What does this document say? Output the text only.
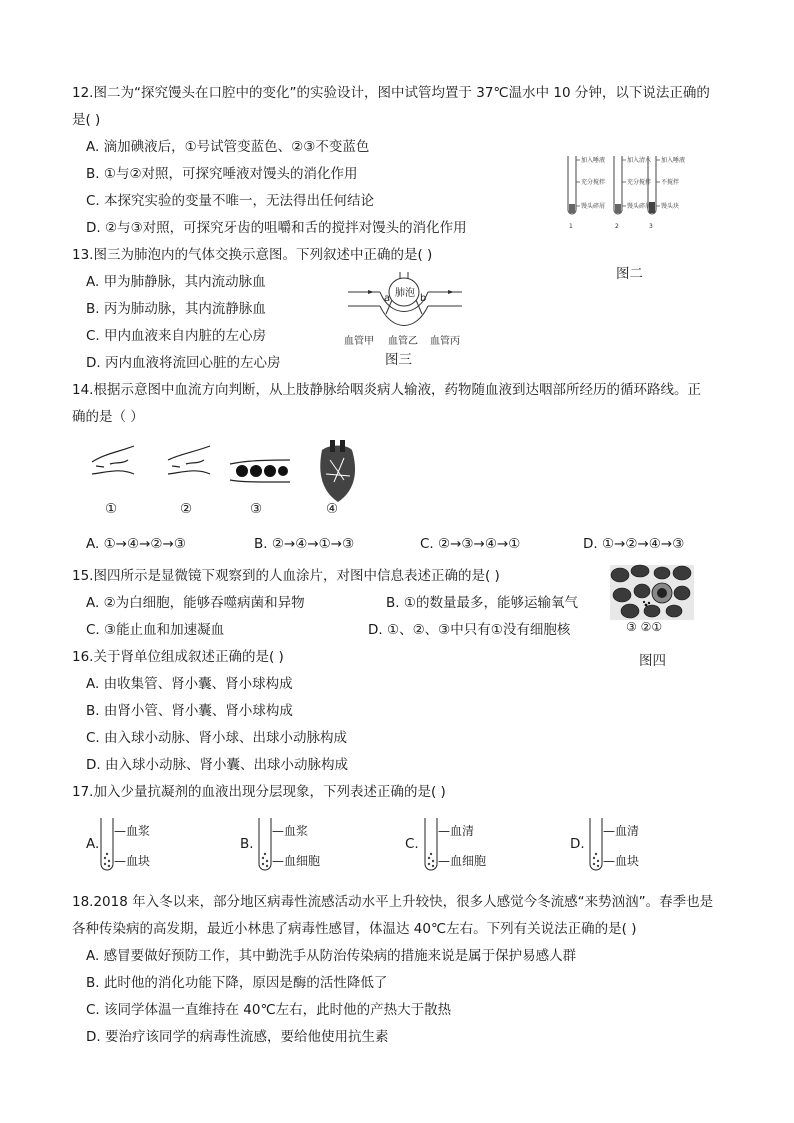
12.图二为“探究馒头在口腔中的变化”的实验设计，图中试管均置于 37℃温水中 10 分钟，以下说法正确的
是( )
A. 滴加碘液后，①号试管变蓝色、②③不变蓝色
B. ①与②对照，可探究唾液对馒头的消化作用
C. 本探究实验的变量不唯一，无法得出任何结论
D. ②与③对照，可探究牙齿的咀嚼和舌的搅拌对馒头的消化作用
加入唾液
充分搅拌
馒头碎屑
加入清水
充分搅拌
馒头碎屑
加入唾液
不搅拌
馒头块
1	2	3
图二
13.图三为肺泡内的气体交换示意图。下列叙述中正确的是( )
A. 甲为肺静脉，其内流动脉血
B. 丙为肺动脉，其内流静脉血
C. 甲内血液来自内脏的左心房
D. 丙内血液将流回心脏的左心房
肺泡
a	b
血管甲 血管乙 血管丙
图三
14.根据示意图中血流方向判断，从上肢静脉给咽炎病人输液，药物随血液到达咽部所经历的循环路线。正
确的是（ ）
①	②	③	④
A. ①→④→②→③	B. ②→④→①→③	C. ②→③→④→①	D. ①→②→④→③
15.图四所示是显微镜下观察到的人血涂片，对图中信息表述正确的是( )
A. ②为白细胞，能够吞噬病菌和异物	B. ①的数量最多，能够运输氧气
C. ③能止血和加速凝血	D. ①、②、③中只有①没有细胞核	③ ②①
图四
16.关于肾单位组成叙述正确的是( )
A. 由收集管、肾小囊、肾小球构成
B. 由肾小管、肾小囊、肾小球构成
C. 由入球小动脉、肾小球、出球小动脉构成
D. 由入球小动脉、肾小囊、出球小动脉构成
17.加入少量抗凝剂的血液出现分层现象，下列表述正确的是( )
A.
—血浆
—血块
B.
—血浆
—血细胞
C.
—血清
—血细胞
D.
—血清
—血块
18.2018 年入冬以来，部分地区病毒性流感活动水平上升较快，很多人感觉今冬流感“来势汹汹”。春季也是
各种传染病的高发期，最近小林患了病毒性感冒，体温达 40℃左右。下列有关说法正确的是( )
A. 感冒要做好预防工作，其中勤洗手从防治传染病的措施来说是属于保护易感人群
B. 此时他的消化功能下降，原因是酶的活性降低了
C. 该同学体温一直维持在 40℃左右，此时他的产热大于散热
D. 要治疗该同学的病毒性流感，要给他使用抗生素
